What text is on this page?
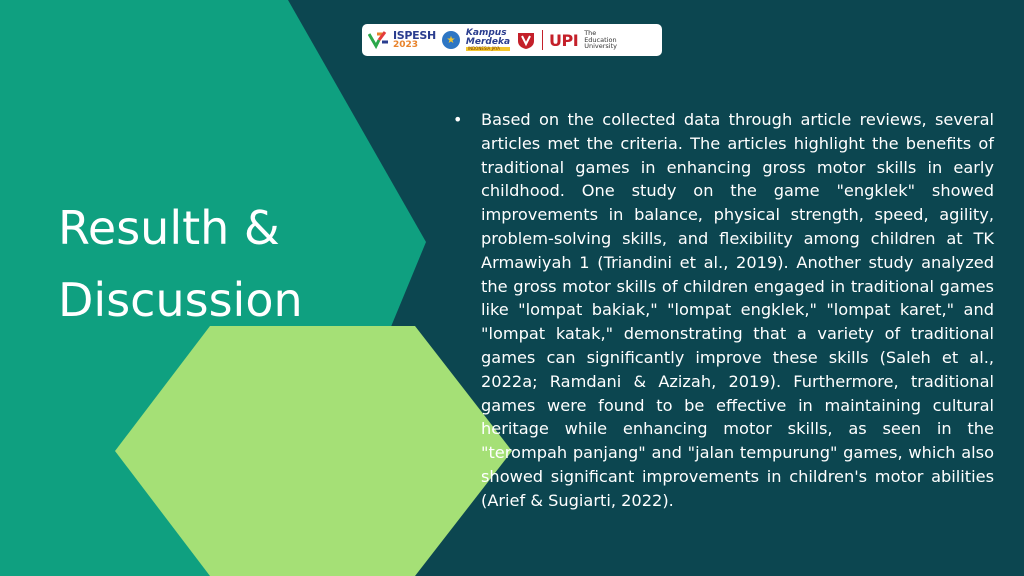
ISPESH
2023	★
Kampus
Merdeka
INDONESIA JAYA	UPI The
Education
University
Resulth &
Discussion
•	Based on the collected data through article reviews, several articles met the criteria. The articles highlight the benefits of traditional games in enhancing gross motor skills in early childhood. One study on the game "engklek" showed improvements in balance, physical strength, speed, agility, problem-solving skills, and flexibility among children at TK Armawiyah 1 (Triandini et al., 2019). Another study analyzed the gross motor skills of children engaged in traditional games like "lompat bakiak," "lompat engklek," "lompat karet," and "lompat katak," demonstrating that a variety of traditional games can significantly improve these skills (Saleh et al., 2022a; Ramdani & Azizah, 2019). Furthermore, traditional games were found to be effective in maintaining cultural heritage while enhancing motor skills, as seen in the "terompah panjang" and "jalan tempurung" games, which also showed significant improvements in children's motor abilities (Arief & Sugiarti, 2022).
